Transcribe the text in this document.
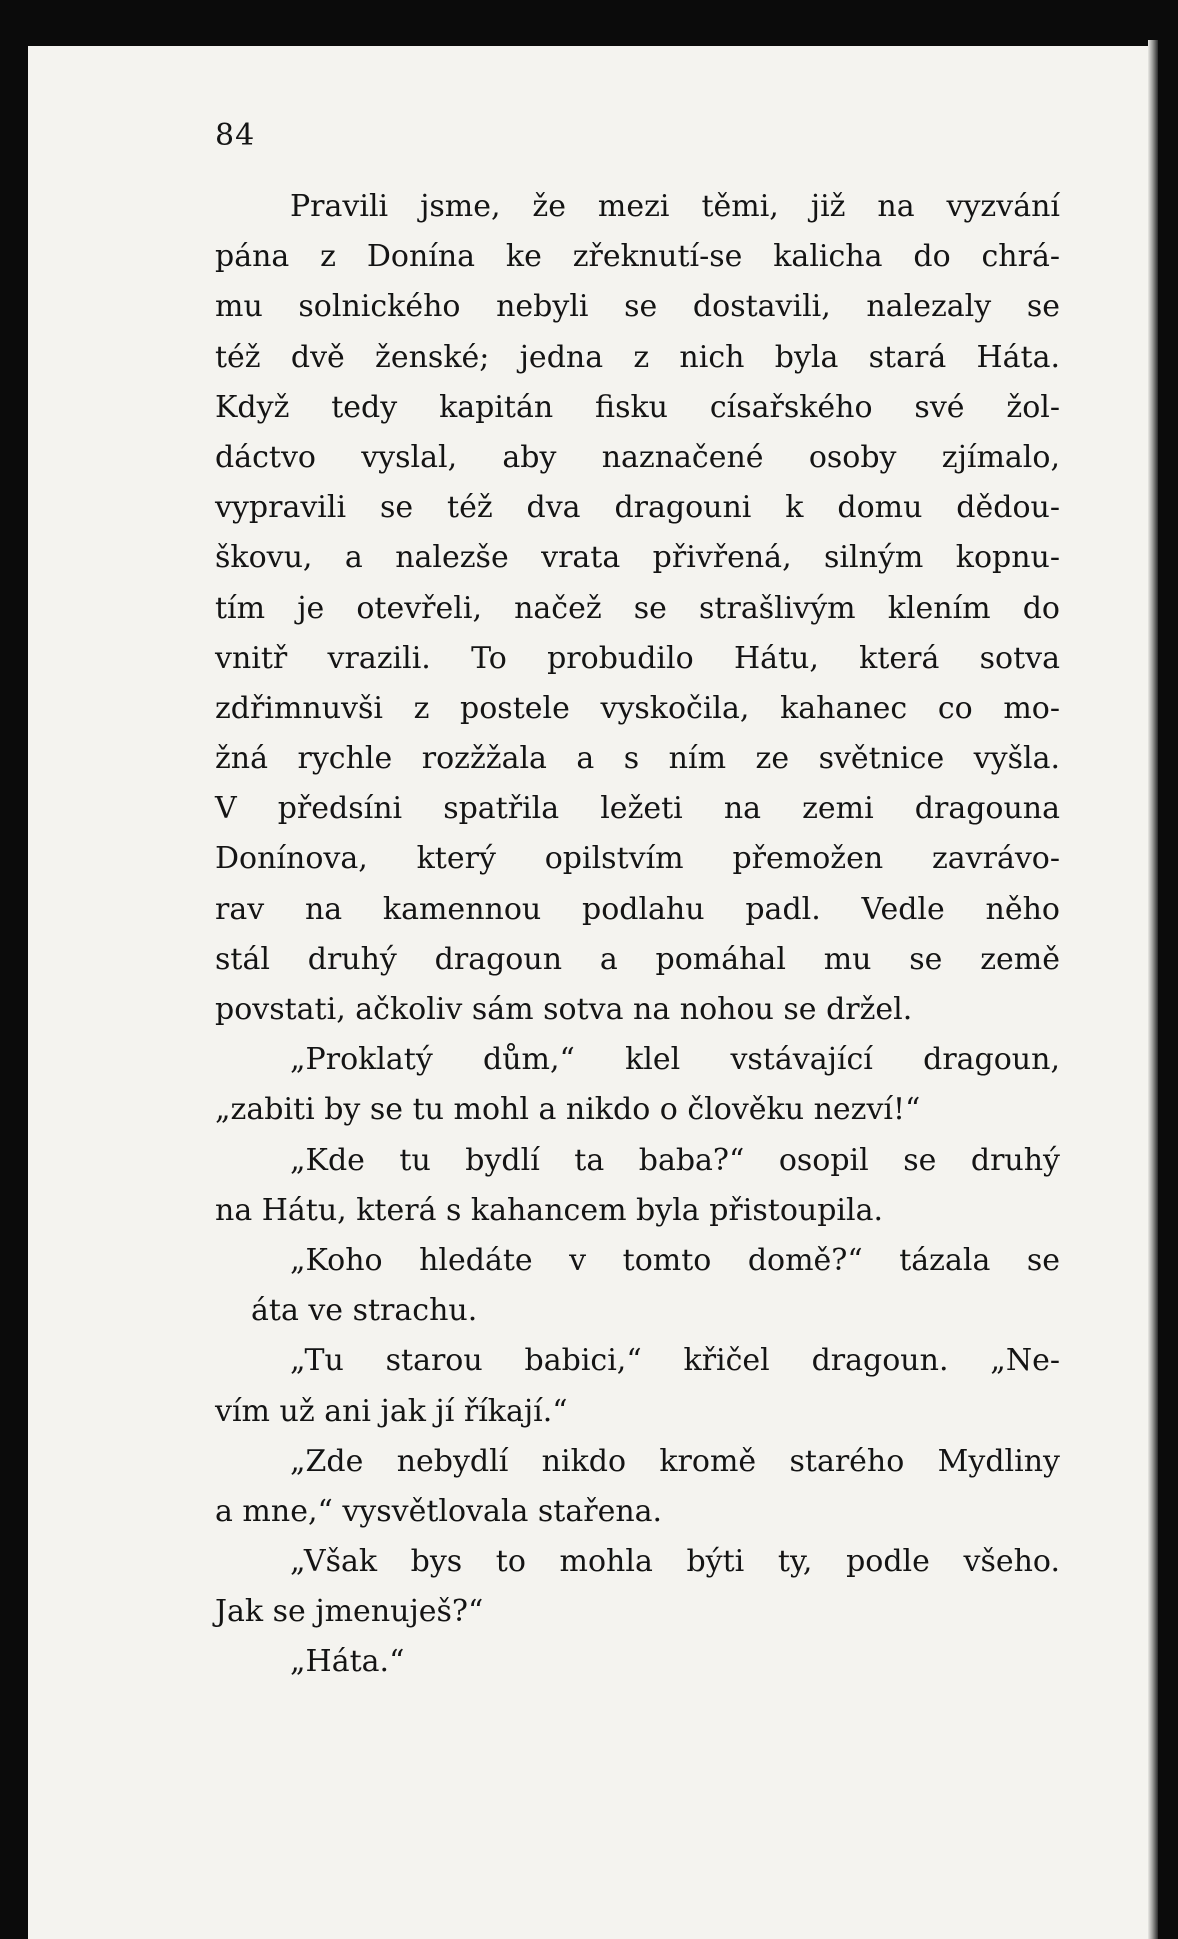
84
Pravili jsme, že mezi těmi, již na vyzvání
pána z Donína ke zřeknutí-se kalicha do chrá-
mu solnického nebyli se dostavili, nalezaly se
též dvě ženské; jedna z nich byla stará Háta.
Když tedy kapitán fisku císařského své žol-
dáctvo vyslal, aby naznačené osoby zjímalo,
vypravili se též dva dragouni k domu dědou-
škovu, a nalezše vrata přivřená, silným kopnu-
tím je otevřeli, načež se strašlivým klením do
vnitř vrazili. To probudilo Hátu, která sotva
zdřimnuvši z postele vyskočila, kahanec co mo-
žná rychle rozžžala a s ním ze světnice vyšla.
V předsíni spatřila ležeti na zemi dragouna
Donínova, který opilstvím přemožen zavrávo-
rav na kamennou podlahu padl. Vedle něho
stál druhý dragoun a pomáhal mu se země
povstati, ačkoliv sám sotva na nohou se držel.
„Proklatý dům,“ klel vstávající dragoun,
„zabiti by se tu mohl a nikdo o člověku nezví!“
„Kde tu bydlí ta baba?“ osopil se druhý
na Hátu, která s kahancem byla přistoupila.
„Koho hledáte v tomto domě?“ tázala se
áta ve strachu.
„Tu starou babici,“ křičel dragoun. „Ne-
vím už ani jak jí říkají.“
„Zde nebydlí nikdo kromě starého Mydliny
a mne,“ vysvětlovala stařena.
„Však bys to mohla býti ty, podle všeho.
Jak se jmenuješ?“
„Háta.“
